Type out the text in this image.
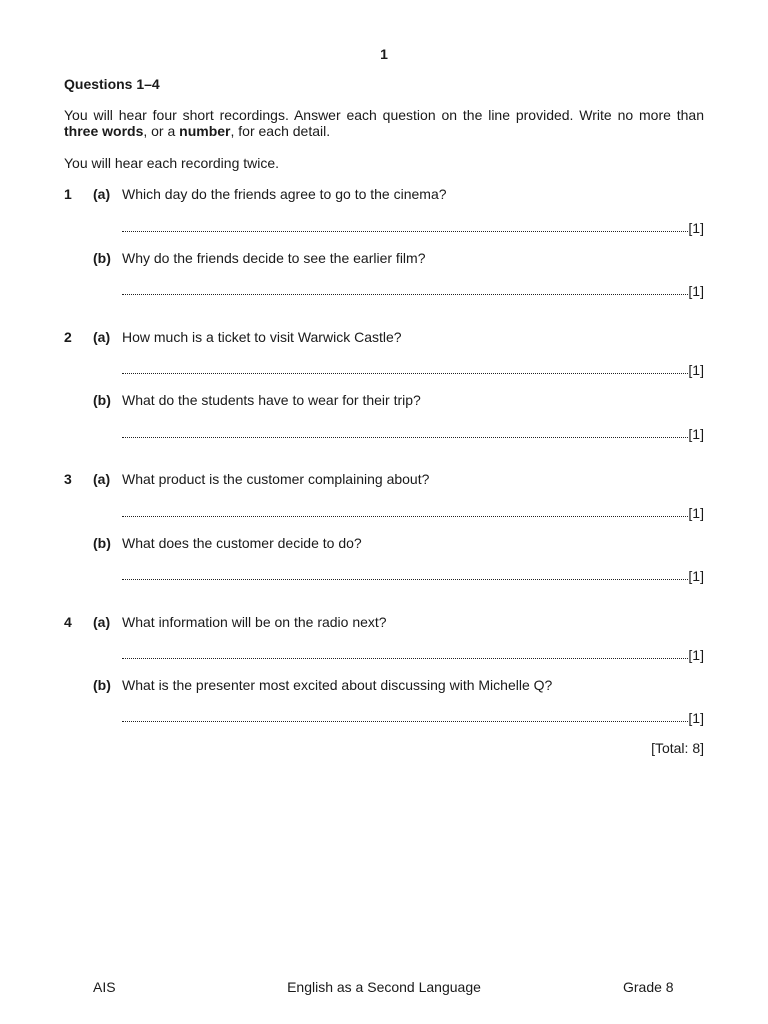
1
Questions 1–4
You will hear four short recordings. Answer each question on the line provided. Write no more than three words, or a number, for each detail.
You will hear each recording twice.
1 (a) Which day do the friends agree to go to the cinema?
[1]
(b) Why do the friends decide to see the earlier film?
[1]
2 (a) How much is a ticket to visit Warwick Castle?
[1]
(b) What do the students have to wear for their trip?
[1]
3 (a) What product is the customer complaining about?
[1]
(b) What does the customer decide to do?
[1]
4 (a) What information will be on the radio next?
[1]
(b) What is the presenter most excited about discussing with Michelle Q?
[1]
[Total: 8]
AIS	English as a Second Language	Grade 8
